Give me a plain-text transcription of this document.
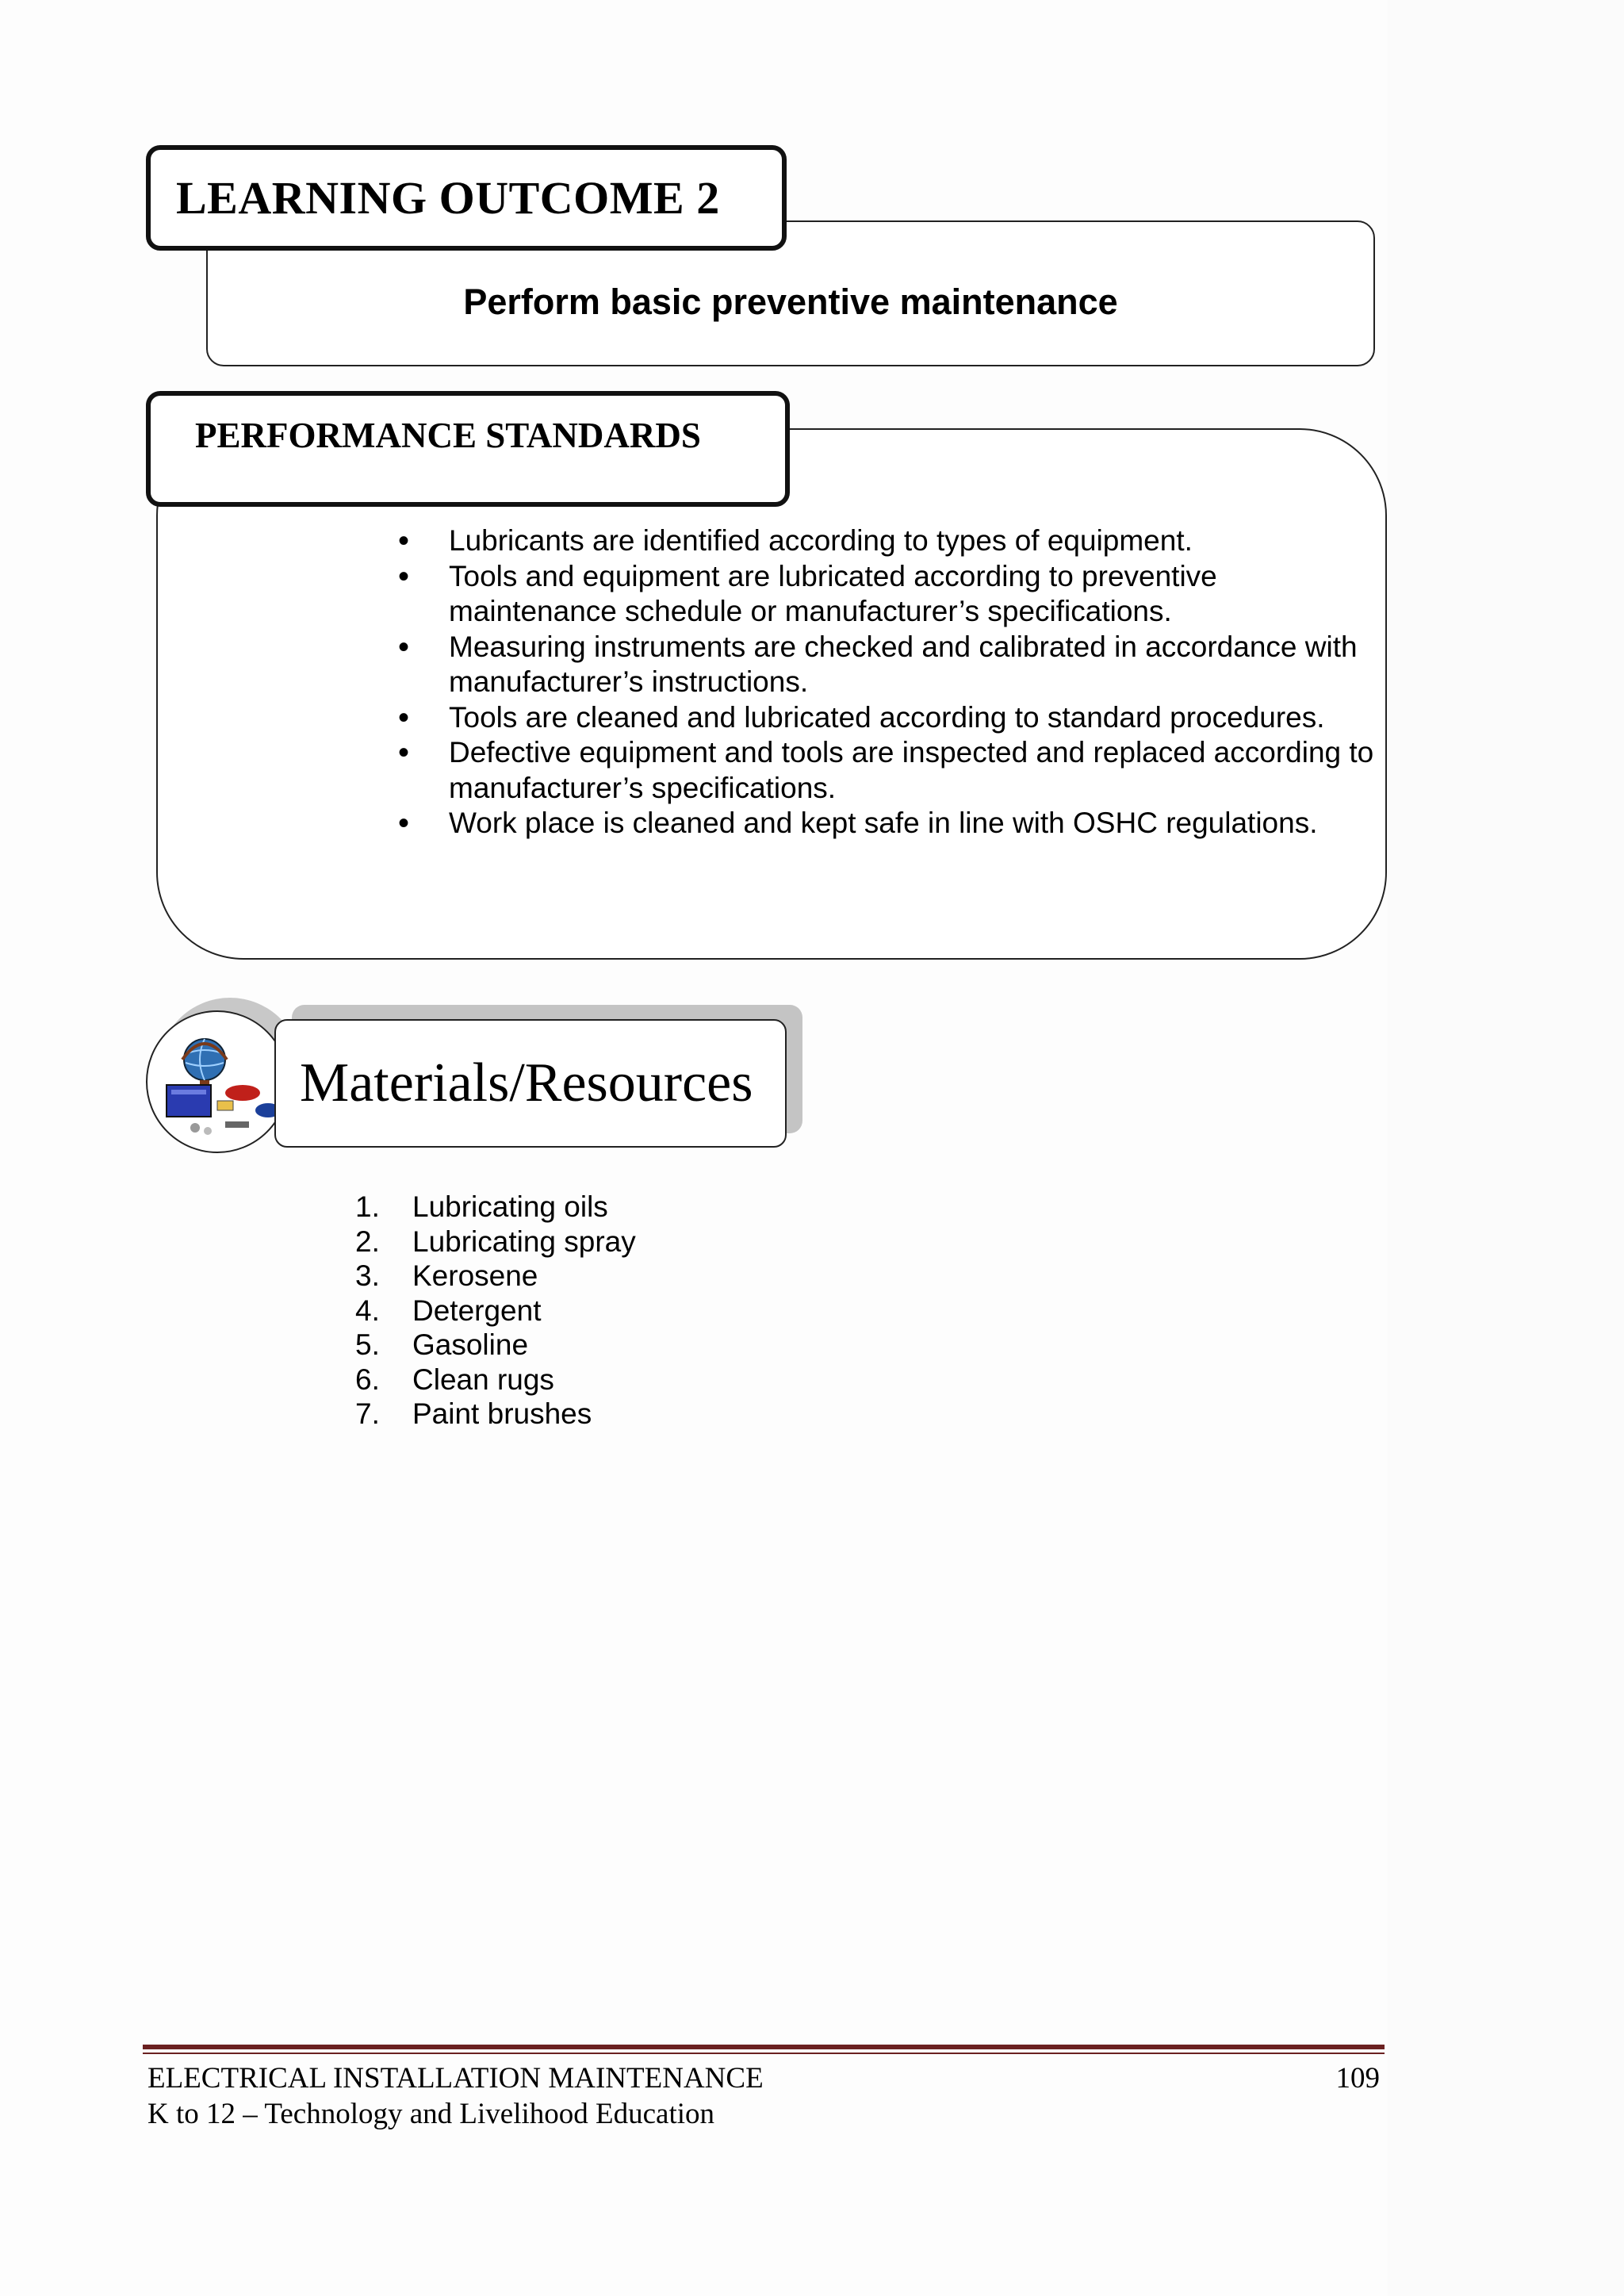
LEARNING OUTCOME 2
Perform basic preventive maintenance
PERFORMANCE STANDARDS
• Lubricants are identified according to types of equipment.
• Tools and equipment are lubricated according to preventive maintenance schedule or manufacturer’s specifications.
• Measuring instruments are checked and calibrated in accordance with manufacturer’s instructions.
• Tools are cleaned and lubricated according to standard procedures.
• Defective equipment and tools are inspected and replaced according to manufacturer’s specifications.
• Work place is cleaned and kept safe in line with OSHC regulations.
Materials/Resources
1.	Lubricating oils
2.	Lubricating spray
3.	Kerosene
4.	Detergent
5.	Gasoline
6.	Clean rugs
7.	Paint brushes
ELECTRICAL INSTALLATION MAINTENANCE
K to 12 – Technology and Livelihood Education
109
